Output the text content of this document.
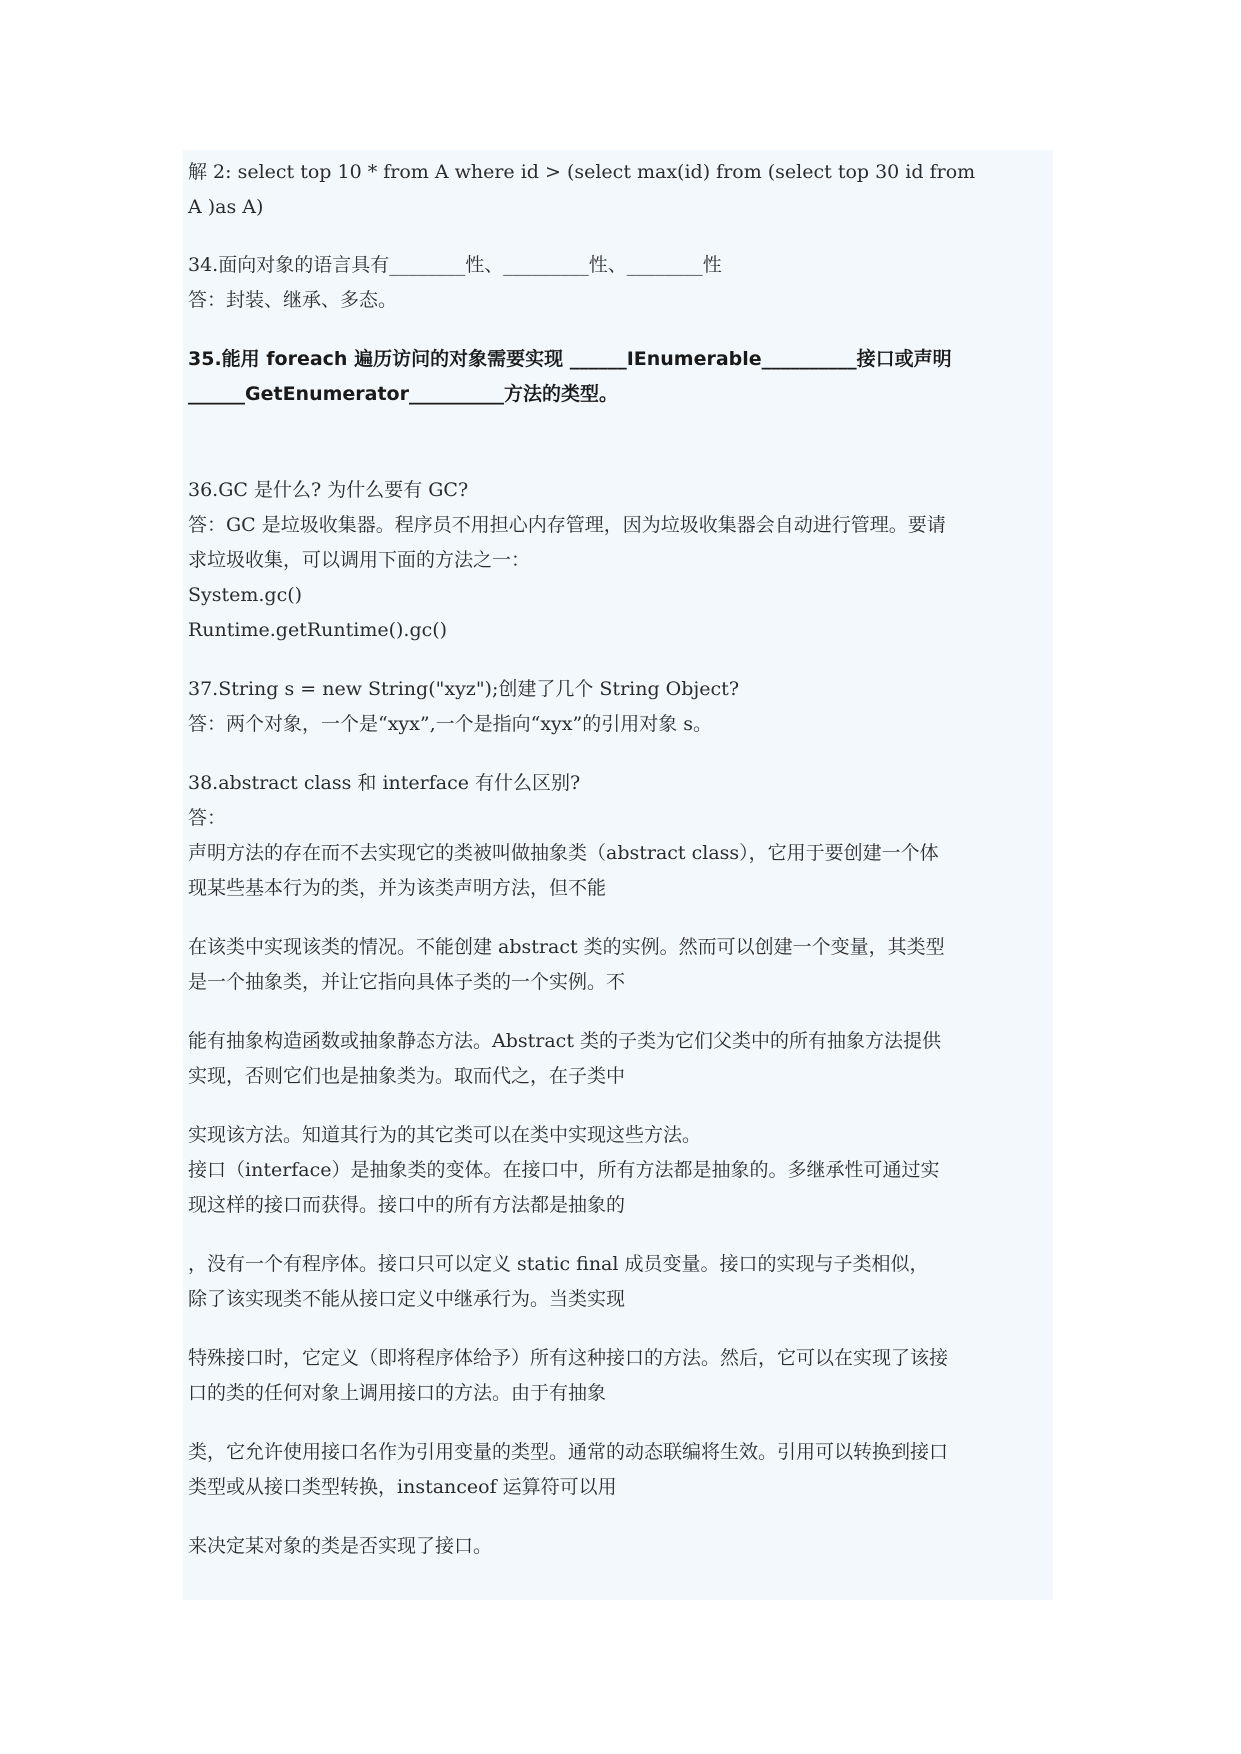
解 2: select top 10 * from A where id > (select max(id) from (select top 30 id from
A )as A)
34.面向对象的语言具有________性、_________性、________性
答：封装、继承、多态。
35.能用 foreach 遍历访问的对象需要实现 ______IEnumerable__________接口或声明
______GetEnumerator__________方法的类型。
36.GC 是什么? 为什么要有 GC?
答：GC 是垃圾收集器。程序员不用担心内存管理，因为垃圾收集器会自动进行管理。要请
求垃圾收集，可以调用下面的方法之一：
System.gc()
Runtime.getRuntime().gc()
37.String s = new String("xyz");创建了几个 String Object?
答：两个对象，一个是“xyx”,一个是指向“xyx”的引用对象 s。
38.abstract class 和 interface 有什么区别?
答：
声明方法的存在而不去实现它的类被叫做抽象类（abstract class），它用于要创建一个体
现某些基本行为的类，并为该类声明方法，但不能
在该类中实现该类的情况。不能创建 abstract 类的实例。然而可以创建一个变量，其类型
是一个抽象类，并让它指向具体子类的一个实例。不
能有抽象构造函数或抽象静态方法。Abstract 类的子类为它们父类中的所有抽象方法提供
实现，否则它们也是抽象类为。取而代之，在子类中
实现该方法。知道其行为的其它类可以在类中实现这些方法。
接口（interface）是抽象类的变体。在接口中，所有方法都是抽象的。多继承性可通过实
现这样的接口而获得。接口中的所有方法都是抽象的
，没有一个有程序体。接口只可以定义 static final 成员变量。接口的实现与子类相似，
除了该实现类不能从接口定义中继承行为。当类实现
特殊接口时，它定义（即将程序体给予）所有这种接口的方法。然后，它可以在实现了该接
口的类的任何对象上调用接口的方法。由于有抽象
类，它允许使用接口名作为引用变量的类型。通常的动态联编将生效。引用可以转换到接口
类型或从接口类型转换，instanceof 运算符可以用
来决定某对象的类是否实现了接口。
